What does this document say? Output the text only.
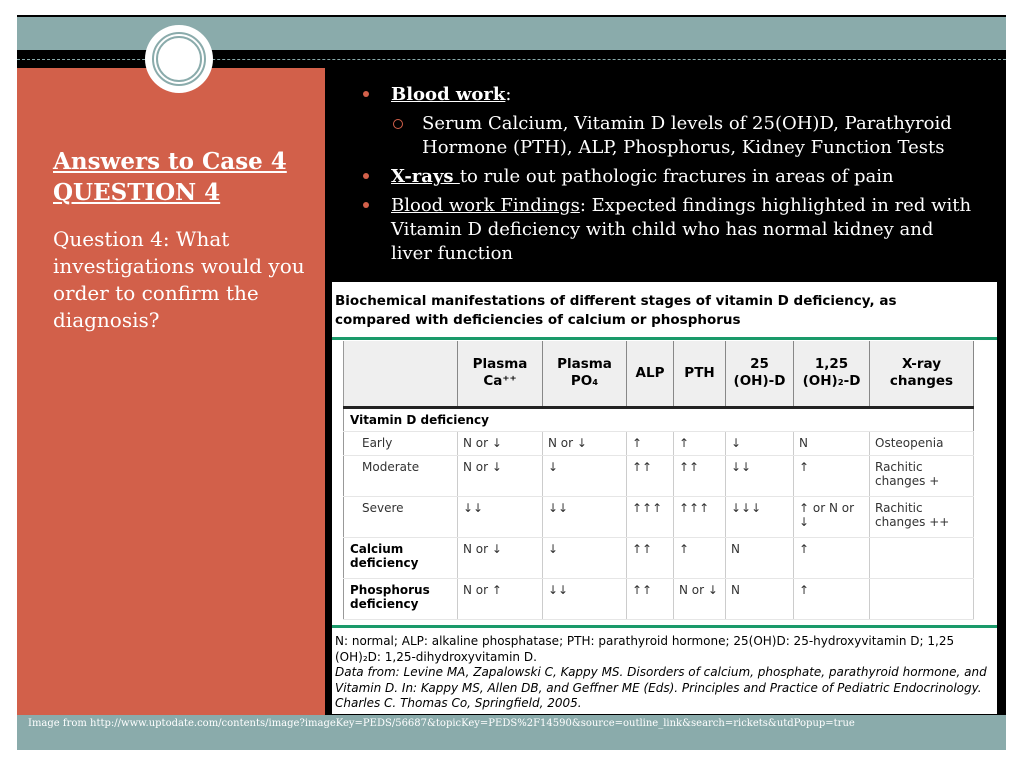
Answers to Case 4
QUESTION 4

Question 4: What investigations would you order to confirm the diagnosis?

Blood work:
Serum Calcium, Vitamin D levels of 25(OH)D, Parathyroid Hormone (PTH), ALP, Phosphorus, Kidney Function Tests
X-rays to rule out pathologic fractures in areas of pain
Blood work Findings: Expected findings highlighted in red with Vitamin D deficiency with child who has normal kidney and liver function
Biochemical manifestations of different stages of vitamin D deficiency, as compared with deficiencies of calcium or phosphorus
	Plasma Ca⁺⁺	Plasma PO₄	ALP	PTH	25 (OH)-D	1,25 (OH)₂-D	X-ray changes
Vitamin D deficiency							
Early	N or ↓	N or ↓	↑	↑	↓	N	Osteopenia
Moderate	N or ↓	↓	↑↑	↑↑	↓↓	↑	Rachitic changes +
Severe	↓↓	↓↓	↑↑↑	↑↑↑	↓↓↓	↑ or N or ↓	Rachitic changes ++
Calcium deficiency	N or ↓	↓	↑↑	↑	N	↑	
Phosphorus deficiency	N or ↑	↓↓	↑↑	N or ↓	N	↑	
N: normal; ALP: alkaline phosphatase; PTH: parathyroid hormone; 25(OH)D: 25-hydroxyvitamin D; 1,25 (OH)₂D: 1,25-dihydroxyvitamin D.
Data from: Levine MA, Zapalowski C, Kappy MS. Disorders of calcium, phosphate, parathyroid hormone, and Vitamin D. In: Kappy MS, Allen DB, and Geffner ME (Eds). Principles and Practice of Pediatric Endocrinology. Charles C. Thomas Co, Springfield, 2005.
Image from http://www.uptodate.com/contents/image?imageKey=PEDS/56687&topicKey=PEDS%2F14590&source=outline_link&search=rickets&utdPopup=true
